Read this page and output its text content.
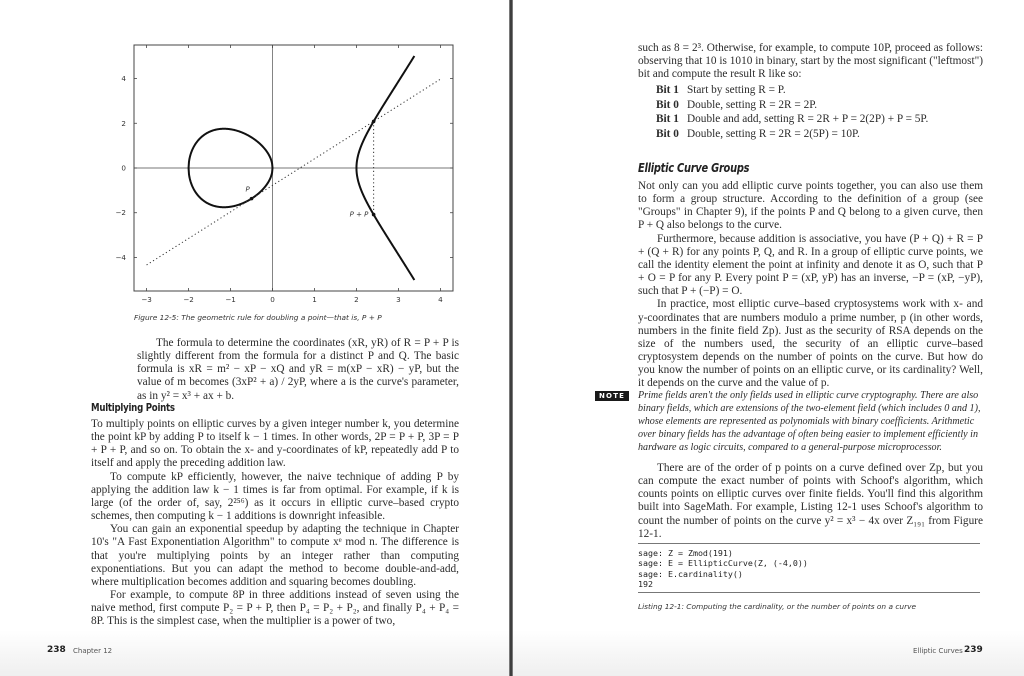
−3	−2	−1	0	1	2	3	4
4
2
0
−2
−4
P
P + P
Figure 12-5: The geometric rule for doubling a point—that is, P + P

The formula to determine the coordinates (xR, yR) of R = P + P is slightly different from the formula for a distinct P and Q. The basic formula is xR = m² − xP − xQ and yR = m(xP − xR) − yP, but the value of m becomes (3xP² + a) / 2yP, where a is the curve's parameter, as in y² = x³ + ax + b.

Multiplying Points

To multiply points on elliptic curves by a given integer number k, you determine the point kP by adding P to itself k − 1 times. In other words, 2P = P + P, 3P = P + P + P, and so on. To obtain the x- and y-coordinates of kP, repeatedly add P to itself and apply the preceding addition law.

To compute kP efficiently, however, the naive technique of adding P by applying the addition law k − 1 times is far from optimal. For example, if k is large (of the order of, say, 2²⁵⁶) as it occurs in elliptic curve–based crypto schemes, then computing k − 1 additions is downright infeasible.

You can gain an exponential speedup by adapting the technique in Chapter 10's "A Fast Exponentiation Algorithm" to compute xᵉ mod n. The difference is that you're multiplying points by an integer rather than computing exponentiations. But you can adapt the method to become double-and-add, where multiplication becomes addition and squaring becomes doubling.

For example, to compute 8P in three additions instead of seven using the naive method, first compute P₂ = P + P, then P₄ = P₂ + P₂, and finally P₄ + P₄ = 8P. This is the simplest case, when the multiplier is a power of two,

238 Chapter 12
such as 8 = 2³. Otherwise, for example, to compute 10P, proceed as follows: observing that 10 is 1010 in binary, start by the most significant ("leftmost") bit and compute the result R like so:
Bit 1 Start by setting R = P.
Bit 0 Double, setting R = 2R = 2P.
Bit 1 Double and add, setting R = 2R + P = 2(2P) + P = 5P.
Bit 0 Double, setting R = 2R = 2(5P) = 10P.
Elliptic Curve Groups

Not only can you add elliptic curve points together, you can also use them to form a group structure. According to the definition of a group (see "Groups" in Chapter 9), if the points P and Q belong to a given curve, then P + Q also belongs to the curve.

Furthermore, because addition is associative, you have (P + Q) + R = P + (Q + R) for any points P, Q, and R. In a group of elliptic curve points, we call the identity element the point at infinity and denote it as O, such that P + O = P for any P. Every point P = (xP, yP) has an inverse, −P = (xP, −yP), such that P + (−P) = O.

In practice, most elliptic curve–based cryptosystems work with x- and y-coordinates that are numbers modulo a prime number, p (in other words, numbers in the finite field Zp). Just as the security of RSA depends on the size of the numbers used, the security of an elliptic curve–based cryptosystem depends on the number of points on the curve. But how do you know the number of points on an elliptic curve, or its cardinality? Well, it depends on the curve and the value of p.

NOTE	Prime fields aren't the only fields used in elliptic curve cryptography. There are also binary fields, which are extensions of the two-element field (which includes 0 and 1), whose elements are represented as polynomials with binary coefficients. Arithmetic over binary fields has the advantage of often being easier to implement efficiently in hardware as logic circuits, compared to a general-purpose microprocessor.

There are of the order of p points on a curve defined over Zp, but you can compute the exact number of points with Schoof's algorithm, which counts points on elliptic curves over finite fields. You'll find this algorithm built into SageMath. For example, Listing 12-1 uses Schoof's algorithm to count the number of points on the curve y² = x³ − 4x over Z₁₉₁ from Figure 12-1.

sage: Z = Zmod(191)
sage: E = EllipticCurve(Z, (-4,0))
sage: E.cardinality()
192
Listing 12-1: Computing the cardinality, or the number of points on a curve
Elliptic Curves 239
